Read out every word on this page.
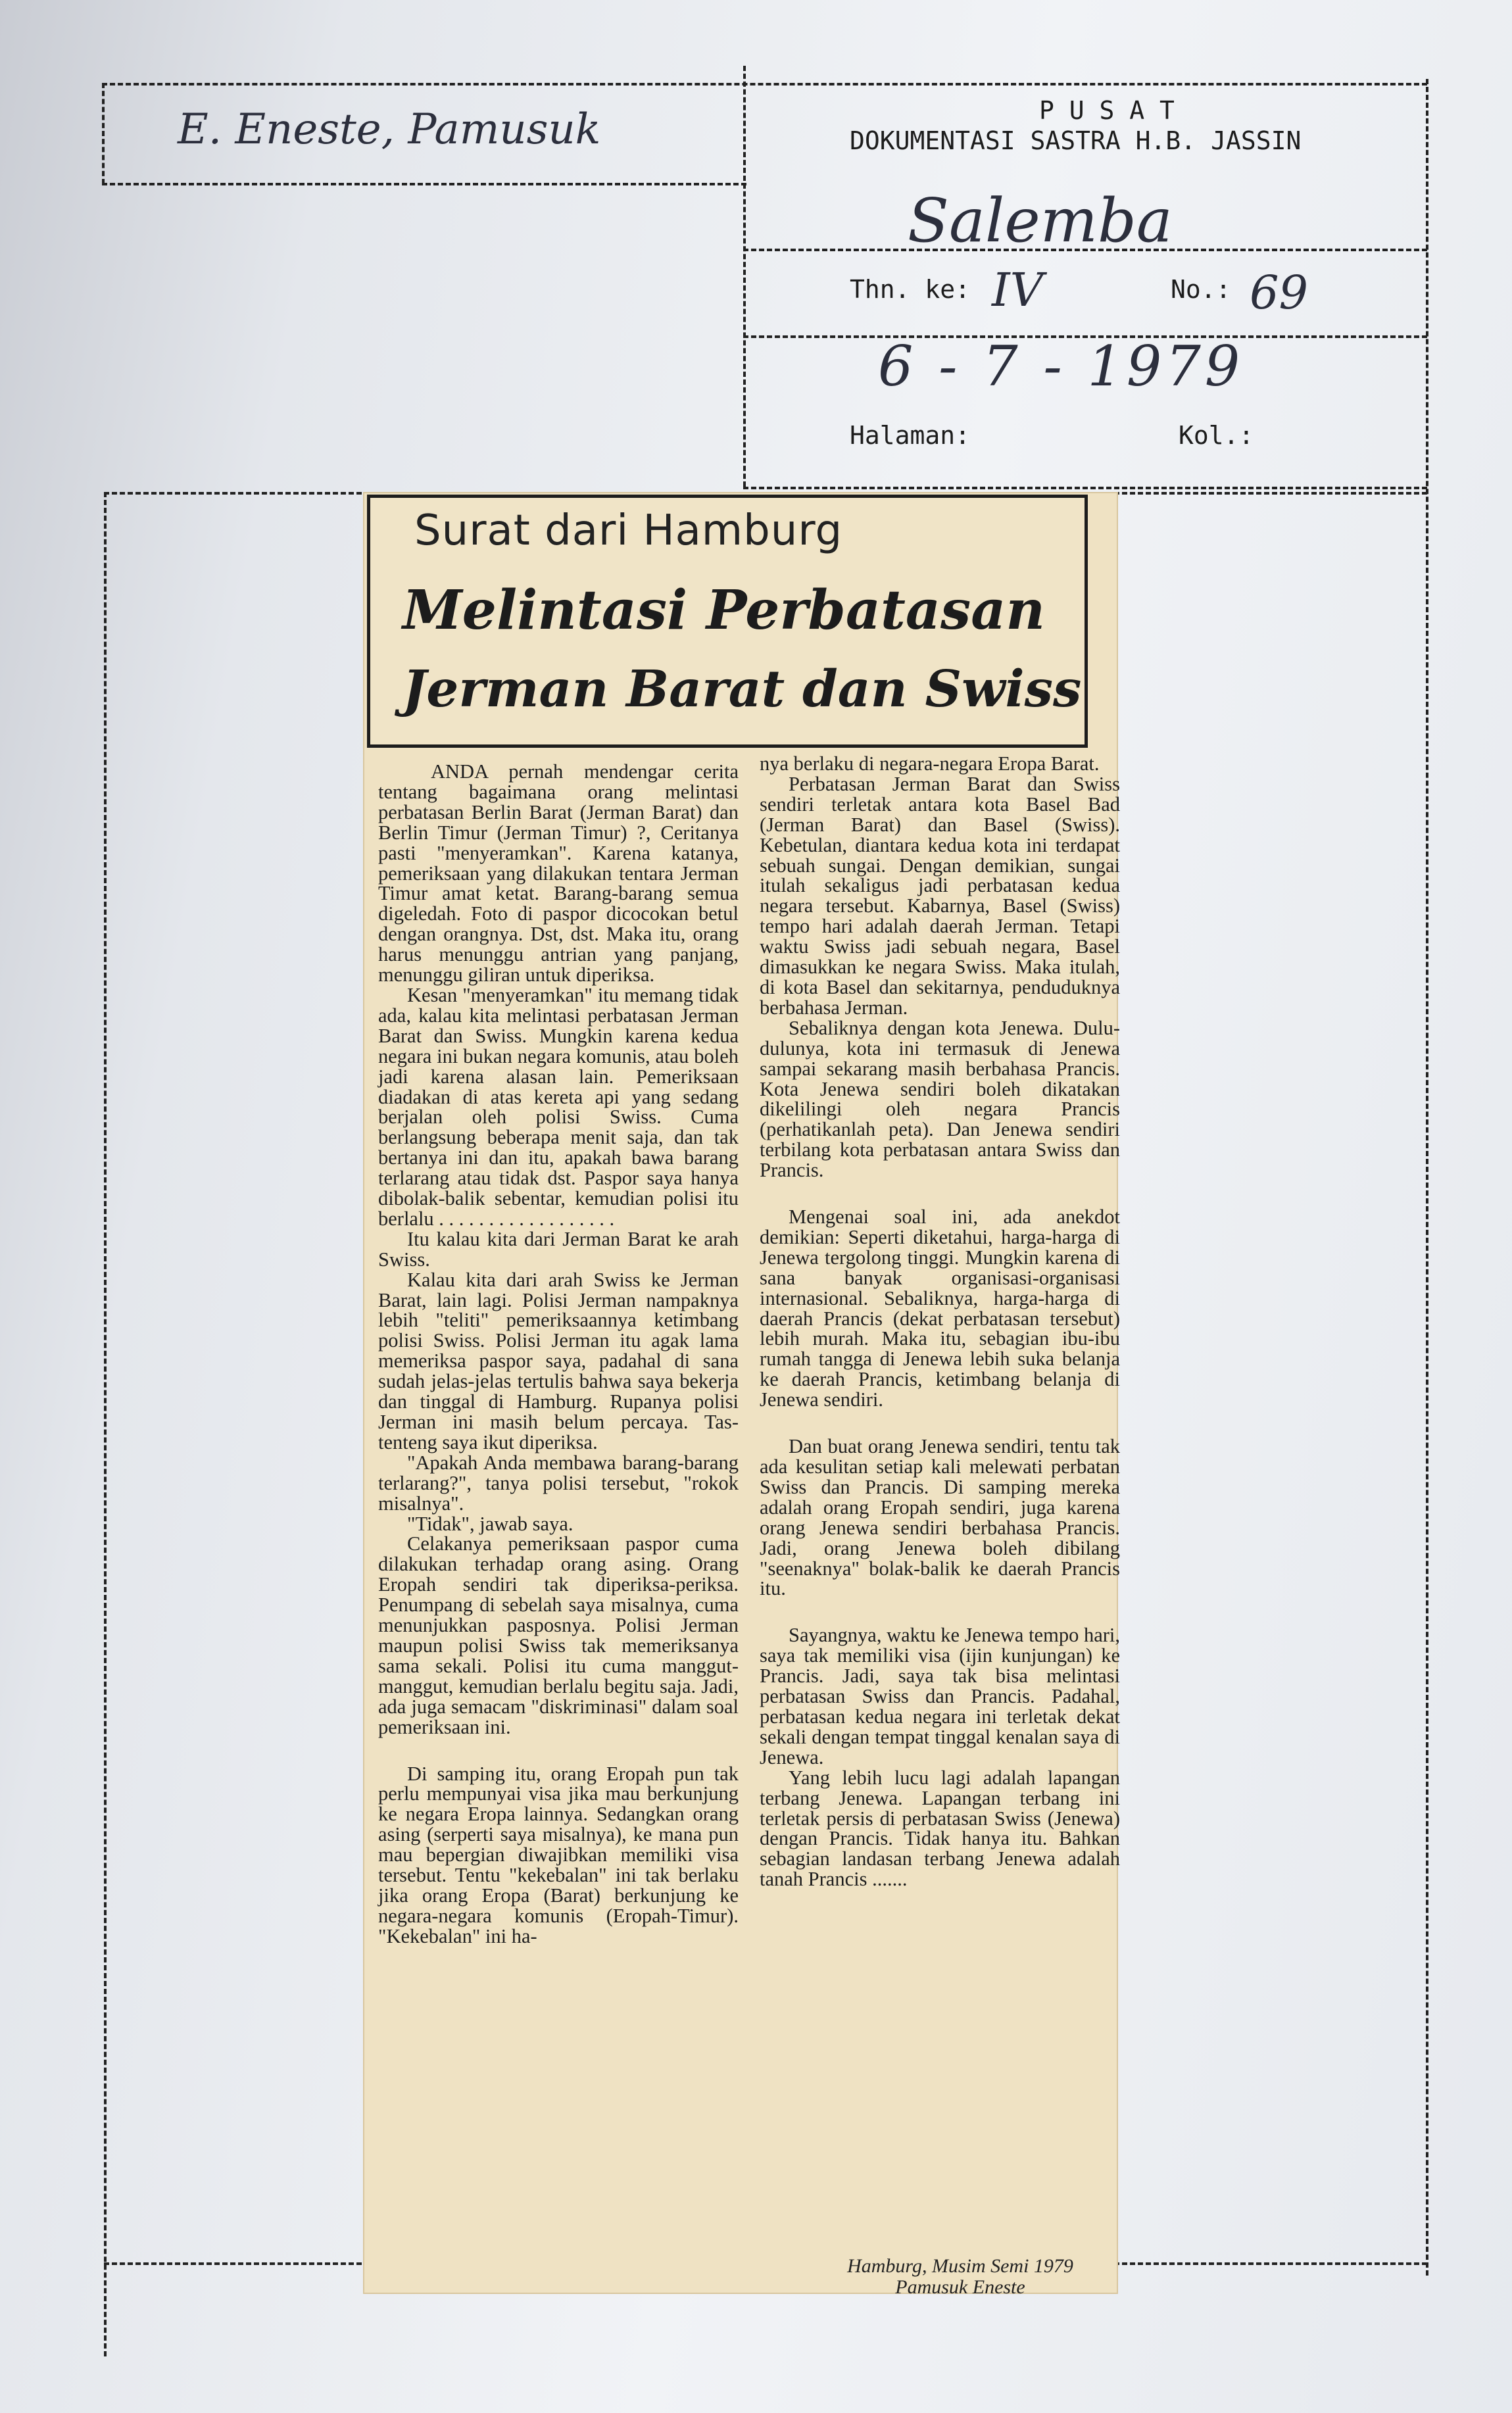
E. Eneste, Pamusuk	P U S A T
DOKUMENTASI SASTRA H.B. JASSIN
Salemba
Thn. ke: IV	No.: 69
6 - 7 - 1979
Halaman:	Kol.:
Surat dari Hamburg
Melintasi Perbatasan
Jerman Barat dan Swiss

ANDA pernah mendengar cerita tentang bagaimana orang melintasi perbatasan Berlin Barat (Jerman Barat) dan Berlin Timur (Jerman Timur) ?, Ceritanya pasti "menyeramkan". Karena katanya, pemeriksaan yang dilakukan tentara Jerman Timur amat ketat. Barang-barang semua digeledah. Foto di paspor dicocokan betul dengan orangnya. Dst, dst. Maka itu, orang harus menunggu antrian yang panjang, menunggu giliran untuk diperiksa.

Kesan "menyeramkan" itu memang tidak ada, kalau kita melintasi perbatasan Jerman Barat dan Swiss. Mungkin karena kedua negara ini bukan negara komunis, atau boleh jadi karena alasan lain. Pemeriksaan diadakan di atas kereta api yang sedang berjalan oleh polisi Swiss. Cuma berlangsung beberapa menit saja, dan tak bertanya ini dan itu, apakah bawa barang terlarang atau tidak dst. Paspor saya hanya dibolak-balik sebentar, kemudian polisi itu berlalu . . . . . . . . . . . . . . . . . .

Itu kalau kita dari Jerman Barat ke arah Swiss.

Kalau kita dari arah Swiss ke Jerman Barat, lain lagi. Polisi Jerman nampaknya lebih "teliti" pemeriksaannya ketimbang polisi Swiss. Polisi Jerman itu agak lama memeriksa paspor saya, padahal di sana sudah jelas-jelas tertulis bahwa saya bekerja dan tinggal di Hamburg. Rupanya polisi Jerman ini masih belum percaya. Tas-tenteng saya ikut diperiksa.

"Apakah Anda membawa barang-barang terlarang?", tanya polisi tersebut, "rokok misalnya".

"Tidak", jawab saya.

Celakanya pemeriksaan paspor cuma dilakukan terhadap orang asing. Orang Eropah sendiri tak diperiksa-periksa. Penumpang di sebelah saya misalnya, cuma menunjukkan pasposnya. Polisi Jerman maupun polisi Swiss tak memeriksanya sama sekali. Polisi itu cuma manggut-manggut, kemudian berlalu begitu saja. Jadi, ada juga semacam "diskriminasi" dalam soal pemeriksaan ini.

Di samping itu, orang Eropah pun tak perlu mempunyai visa jika mau berkunjung ke negara Eropa lainnya. Sedangkan orang asing (serperti saya misalnya), ke mana pun mau bepergian diwajibkan memiliki visa tersebut. Tentu "kekebalan" ini tak berlaku jika orang Eropa (Barat) berkunjung ke negara-negara komunis (Eropah-Timur). "Kekebalan" ini ha-

nya berlaku di negara-negara Eropa Barat.

Perbatasan Jerman Barat dan Swiss sendiri terletak antara kota Basel Bad (Jerman Barat) dan Basel (Swiss). Kebetulan, diantara kedua kota ini terdapat sebuah sungai. Dengan demikian, sungai itulah sekaligus jadi perbatasan kedua negara tersebut. Kabarnya, Basel (Swiss) tempo hari adalah daerah Jerman. Tetapi waktu Swiss jadi sebuah negara, Basel dimasukkan ke negara Swiss. Maka itulah, di kota Basel dan sekitarnya, penduduknya berbahasa Jerman.

Sebaliknya dengan kota Jenewa. Dulu-dulunya, kota ini termasuk di Jenewa sampai sekarang masih berbahasa Prancis. Kota Jenewa sendiri boleh dikatakan dikelilingi oleh negara Prancis (perhatikanlah peta). Dan Jenewa sendiri terbilang kota perbatasan antara Swiss dan Prancis.

Mengenai soal ini, ada anekdot demikian: Seperti diketahui, harga-harga di Jenewa tergolong tinggi. Mungkin karena di sana banyak organisasi-organisasi internasional. Sebaliknya, harga-harga di daerah Prancis (dekat perbatasan tersebut) lebih murah. Maka itu, sebagian ibu-ibu rumah tangga di Jenewa lebih suka belanja ke daerah Prancis, ketimbang belanja di Jenewa sendiri.

Dan buat orang Jenewa sendiri, tentu tak ada kesulitan setiap kali melewati perbatan Swiss dan Prancis. Di samping mereka adalah orang Eropah sendiri, juga karena orang Jenewa sendiri berbahasa Prancis. Jadi, orang Jenewa boleh dibilang "seenaknya" bolak-balik ke daerah Prancis itu.

Sayangnya, waktu ke Jenewa tempo hari, saya tak memiliki visa (ijin kunjungan) ke Prancis. Jadi, saya tak bisa melintasi perbatasan Swiss dan Prancis. Padahal, perbatasan kedua negara ini terletak dekat sekali dengan tempat tinggal kenalan saya di Jenewa.

Yang lebih lucu lagi adalah lapangan terbang Jenewa. Lapangan terbang ini terletak persis di perbatasan Swiss (Jenewa) dengan Prancis. Tidak hanya itu. Bahkan sebagian landasan terbang Jenewa adalah tanah Prancis .......

Hamburg, Musim Semi 1979
Pamusuk Eneste
